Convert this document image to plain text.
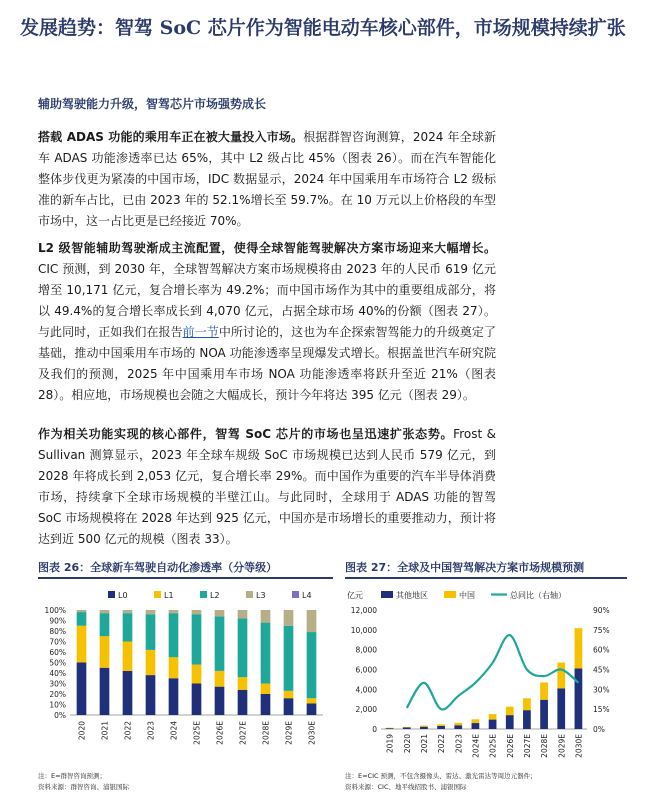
发展趋势：智驾 SoC 芯片作为智能电动车核心部件，市场规模持续扩张
辅助驾驶能力升级，智驾芯片市场强势成长
搭载 ADAS 功能的乘用车正在被大量投入市场。根据群智咨询测算，2024 年全球新车 ADAS 功能渗透率已达 65%，其中 L2 级占比 45%（图表 26）。而在汽车智能化整体步伐更为紧凑的中国市场，IDC 数据显示，2024 年中国乘用车市场符合 L2 级标准的新车占比，已由 2023 年的 52.1%增长至 59.7%。在 10 万元以上价格段的车型市场中，这一占比更是已经接近 70%。
L2 级智能辅助驾驶渐成主流配置，使得全球智能驾驶解决方案市场迎来大幅增长。CIC 预测，到 2030 年，全球智驾解决方案市场规模将由 2023 年的人民币 619 亿元增至 10,171 亿元，复合增长率为 49.2%；而中国市场作为其中的重要组成部分，将以 49.4%的复合增长率成长到 4,070 亿元，占据全球市场 40%的份额（图表 27）。与此同时，正如我们在报告前一节中所讨论的，这也为车企探索智驾能力的升级奠定了基础，推动中国乘用车市场的 NOA 功能渗透率呈现爆发式增长。根据盖世汽车研究院及我们的预测，2025 年中国乘用车市场 NOA 功能渗透率将跃升至近 21%（图表 28）。相应地，市场规模也会随之大幅成长，预计今年将达 395 亿元（图表 29）。
作为相关功能实现的核心部件，智驾 SoC 芯片的市场也呈迅速扩张态势。Frost & Sullivan 测算显示，2023 年全球车规级 SoC 市场规模已达到人民币 579 亿元，到 2028 年将成长到 2,053 亿元，复合增长率 29%。而中国作为重要的汽车半导体消费市场，持续拿下全球市场规模的半壁江山。与此同时，全球用于 ADAS 功能的智驾 SoC 市场规模将在 2028 年达到 925 亿元，中国亦是市场增长的重要推动力，预计将达到近 500 亿元的规模（图表 33）。
图表 26：全球新车驾驶自动化渗透率（分等级）
L0	L1	L2	L3	L4
0%
10%
20%
30%
40%
50%
60%
70%
80%
90%
100%
2020 2021 2022 2023 2024 2025E 2026E 2027E 2028E 2029E 2030E
注：E=群智咨询预测；
资料来源：群智咨询、浦银国际
图表 27：全球及中国智驾解决方案市场规模预测
亿元	其他地区	中国	总同比（右轴）
0
2,000
4,000
6,000
8,000
10,000
12,000
0%
15%
30%
45%
60%
75%
90%
2019 2020 2021 2022 2023 2024E 2025E 2026E 2027E 2028E 2029E 2030E
注：E=CIC 预测，不包含摄像头、雷达、激光雷达等周边元器件；
资料来源：CIC、地平线招股书、浦银国际
